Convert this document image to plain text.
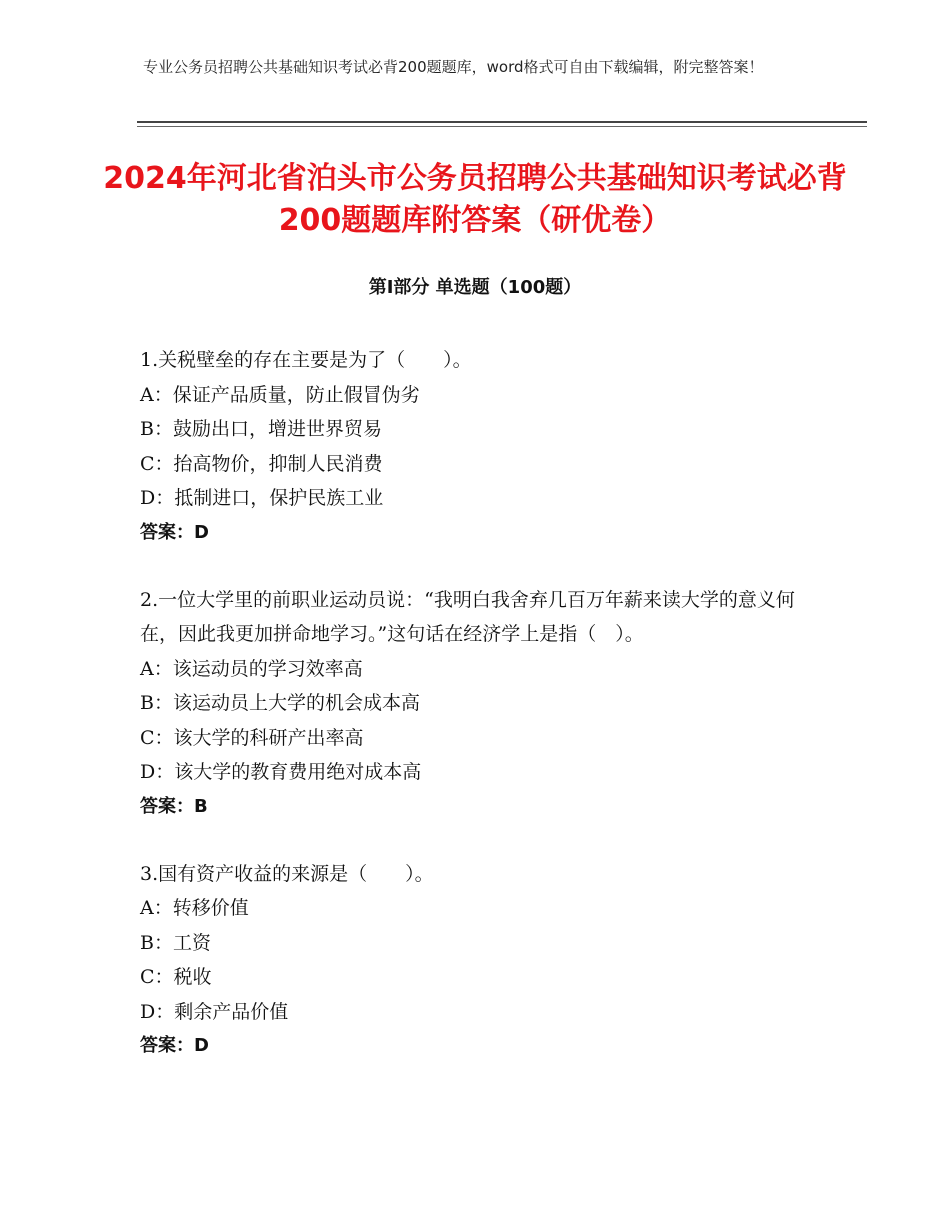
专业公务员招聘公共基础知识考试必背200题题库，word格式可自由下载编辑，附完整答案！
2024年河北省泊头市公务员招聘公共基础知识考试必背200题题库附答案（研优卷）
第Ⅰ部分 单选题（100题）

1.关税壁垒的存在主要是为了（　　）。

A：保证产品质量，防止假冒伪劣

B：鼓励出口，增进世界贸易

C：抬高物价，抑制人民消费

D：抵制进口，保护民族工业

答案：D

2.一位大学里的前职业运动员说：“我明白我舍弃几百万年薪来读大学的意义何在，因此我更加拼命地学习。”这句话在经济学上是指（　）。

A：该运动员的学习效率高

B：该运动员上大学的机会成本高

C：该大学的科研产出率高

D：该大学的教育费用绝对成本高

答案：B

3.国有资产收益的来源是（　　）。

A：转移价值

B：工资

C：税收

D：剩余产品价值

答案：D
